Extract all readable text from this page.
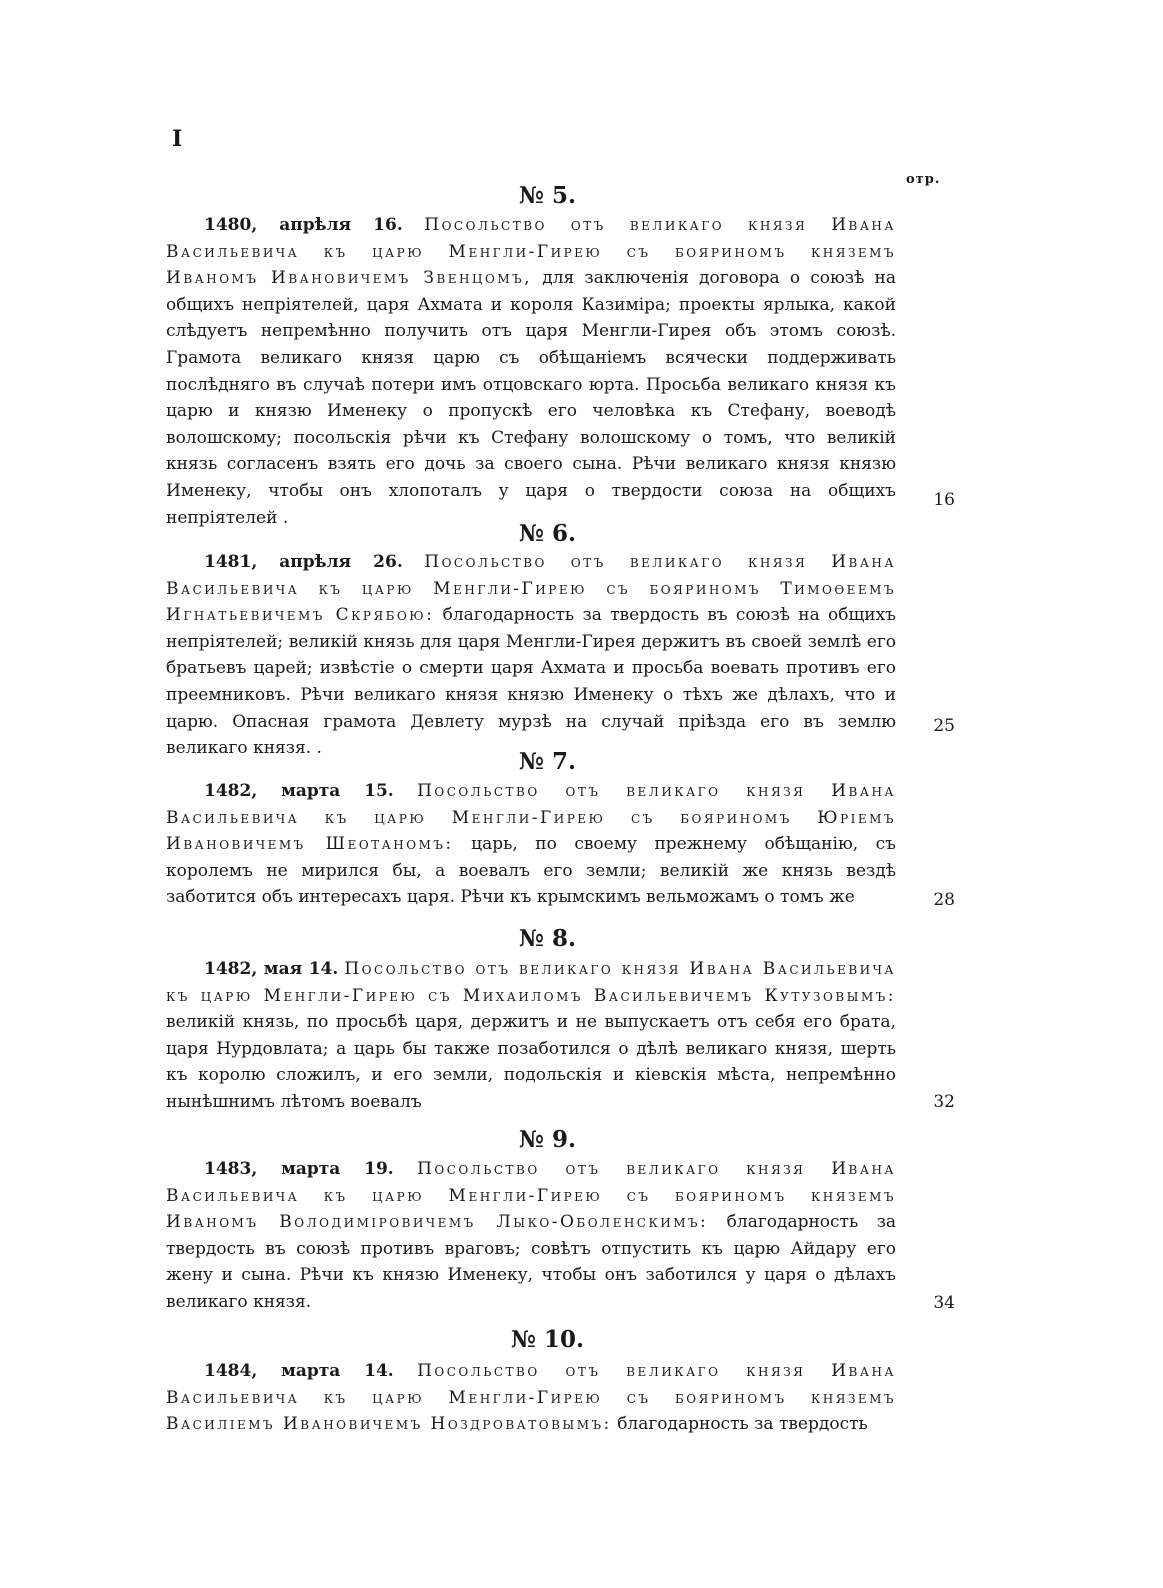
I
отр.
№ 5.
1480, апрѣля 16. Посольство отъ великаго князя Ивана Васильевича къ царю Менгли-Гирею съ бояриномъ княземъ Иваномъ Ивановичемъ Звенцомъ, для заключенія договора о союзѣ на общихъ непріятелей, царя Ахмата и короля Казиміра; проекты ярлыка, какой слѣдуетъ непремѣнно получить отъ царя Менгли-Гирея объ этомъ союзѣ. Грамота великаго князя царю съ обѣщаніемъ всячески поддерживать послѣдняго въ случаѣ потери имъ отцовскаго юрта. Просьба великаго князя къ царю и князю Именеку о пропускѣ его человѣка къ Стефану, воеводѣ волошскому; посольскія рѣчи къ Стефану волошскому о томъ, что великій князь согласенъ взять его дочь за своего сына. Рѣчи великаго князя князю Именеку, чтобы онъ хлопоталъ у царя о твердости союза на общихъ непріятелей .
16
№ 6.
1481, апрѣля 26. Посольство отъ великаго князя Ивана Васильевича къ царю Менгли-Гирею съ бояриномъ Тимоѳеемъ Игнатьевичемъ Скрябою: благодарность за твердость въ союзѣ на общихъ непріятелей; великій князь для царя Менгли-Гирея держитъ въ своей землѣ его братьевъ царей; извѣстіе о смерти царя Ахмата и просьба воевать противъ его преемниковъ. Рѣчи великаго князя князю Именеку о тѣхъ же дѣлахъ, что и царю. Опасная грамота Девлету мурзѣ на случай пріѣзда его въ землю великаго князя. .
25
№ 7.
1482, марта 15. Посольство отъ великаго князя Ивана Васильевича къ царю Менгли-Гирею съ бояриномъ Юріемъ Ивановичемъ Шеотаномъ: царь, по своему прежнему обѣщанію, съ королемъ не мирился бы, а воевалъ его земли; великій же князь вездѣ заботится объ интересахъ царя. Рѣчи къ крымскимъ вельможамъ о томъ же	28
№ 8.
1482, мая 14. Посольство отъ великаго князя Ивана Васильевича къ царю Менгли-Гирею съ Михаиломъ Васильевичемъ Кутузовымъ: великій князь, по просьбѣ царя, держитъ и не выпускаетъ отъ себя его брата, царя Нурдовлата; а царь бы также позаботился о дѣлѣ великаго князя, шерть къ королю сложилъ, и его земли, подольскія и кіевскія мѣста, непремѣнно нынѣшнимъ лѣтомъ воевалъ	32
№ 9.
1483, марта 19. Посольство отъ великаго князя Ивана Васильевича къ царю Менгли-Гирею съ бояриномъ княземъ Иваномъ Володиміровичемъ Лыко-Оболенскимъ: благодарность за твердость въ союзѣ противъ враговъ; совѣтъ отпустить къ царю Айдару его жену и сына. Рѣчи къ князю Именеку, чтобы онъ заботился у царя о дѣлахъ великаго князя.	34
№ 10.
1484, марта 14. Посольство отъ великаго князя Ивана Васильевича къ царю Менгли-Гирею съ бояриномъ княземъ Василіемъ Ивановичемъ Ноздроватовымъ: благодарность за твердость
